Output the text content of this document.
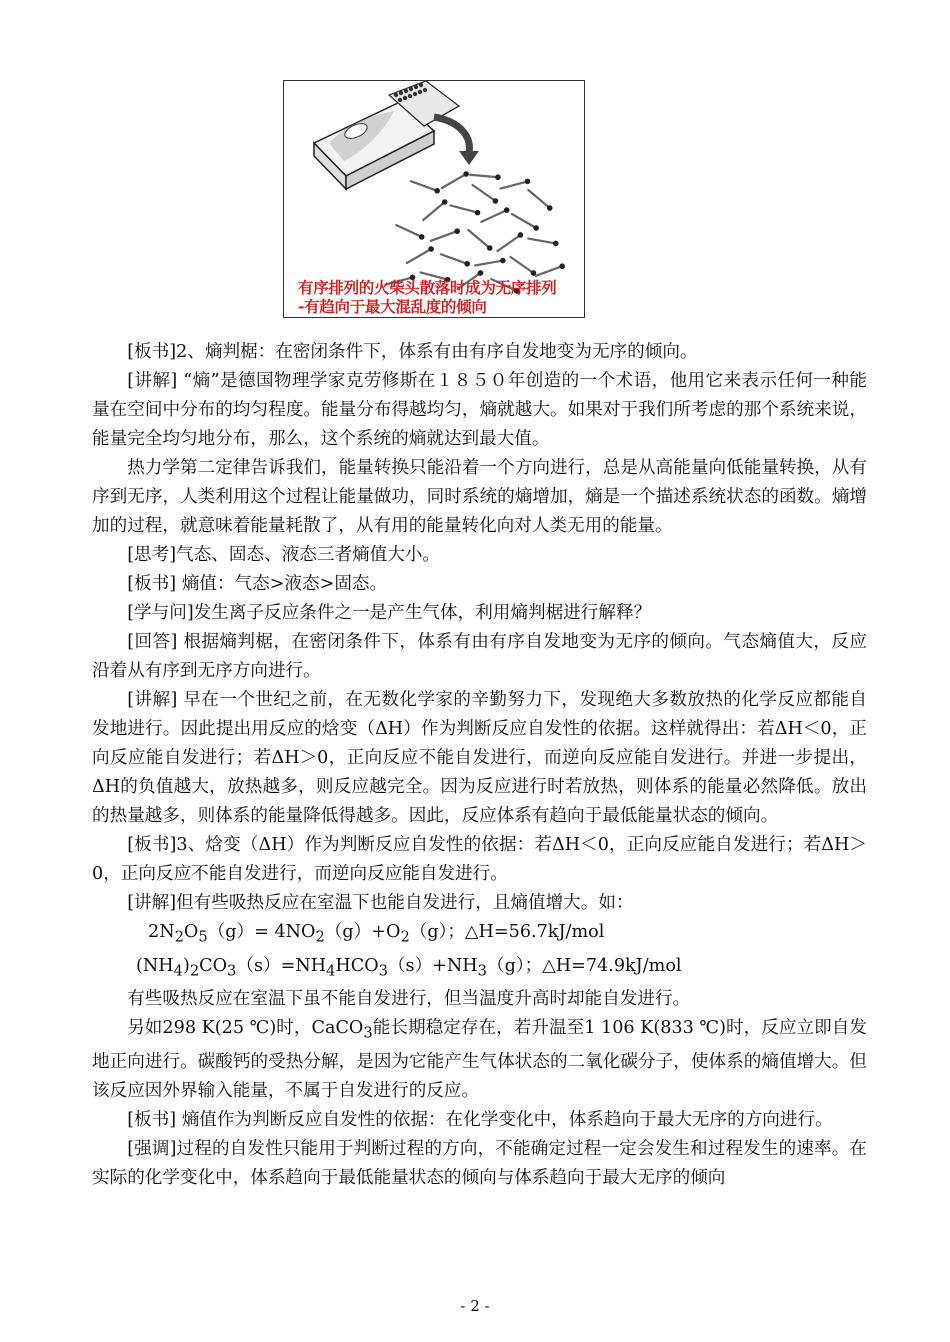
有序排列的火柴头散落时成为无序排列
-有趋向于最大混乱度的倾向

[板书]2、熵判椐：在密闭条件下，体系有由有序自发地变为无序的倾向。

[讲解] “熵”是德国物理学家克劳修斯在１８５０年创造的一个术语，他用它来表示任何一种能量在空间中分布的均匀程度。能量分布得越均匀，熵就越大。如果对于我们所考虑的那个系统来说，能量完全均匀地分布，那么，这个系统的熵就达到最大值。

热力学第二定律告诉我们，能量转换只能沿着一个方向进行，总是从高能量向低能量转换，从有序到无序，人类利用这个过程让能量做功，同时系统的熵增加，熵是一个描述系统状态的函数。熵增加的过程，就意味着能量耗散了，从有用的能量转化向对人类无用的能量。

[思考]气态、固态、液态三者熵值大小。

[板书] 熵值：气态>液态>固态。

[学与问]发生离子反应条件之一是产生气体，利用熵判椐进行解释？

[回答] 根据熵判椐，在密闭条件下，体系有由有序自发地变为无序的倾向。气态熵值大，反应沿着从有序到无序方向进行。

[讲解] 早在一个世纪之前，在无数化学家的辛勤努力下，发现绝大多数放热的化学反应都能自发地进行。因此提出用反应的焓变（ΔH）作为判断反应自发性的依据。这样就得出：若ΔH＜0，正向反应能自发进行；若ΔH＞0，正向反应不能自发进行，而逆向反应能自发进行。并进一步提出，ΔH的负值越大，放热越多，则反应越完全。因为反应进行时若放热，则体系的能量必然降低。放出的热量越多，则体系的能量降低得越多。因此，反应体系有趋向于最低能量状态的倾向。

[板书]3、焓变（ΔH）作为判断反应自发性的依据：若ΔH＜0，正向反应能自发进行；若ΔH＞0，正向反应不能自发进行，而逆向反应能自发进行。

[讲解]但有些吸热反应在室温下也能自发进行，且熵值增大。如：

$2N_2O_5(g)= 4NO_2(g)+O_2(g)$；△H=56.7kJ/mol

$(NH_4)_2CO_3(s)=NH_4HCO_3(s)+NH_3(g)$；△H=74.9kJ/mol

有些吸热反应在室温下虽不能自发进行，但当温度升高时却能自发进行。

另如298 K(25 ℃)时，CaCO$_3$能长期稳定存在，若升温至1 106 K(833 ℃)时，反应立即自发地正向进行。碳酸钙的受热分解，是因为它能产生气体状态的二氧化碳分子，使体系的熵值增大。但该反应因外界输入能量，不属于自发进行的反应。

[板书] 熵值作为判断反应自发性的依据：在化学变化中，体系趋向于最大无序的方向进行。

[强调]过程的自发性只能用于判断过程的方向，不能确定过程一定会发生和过程发生的速率。在实际的化学变化中，体系趋向于最低能量状态的倾向与体系趋向于最大无序的倾向

- 2 -
